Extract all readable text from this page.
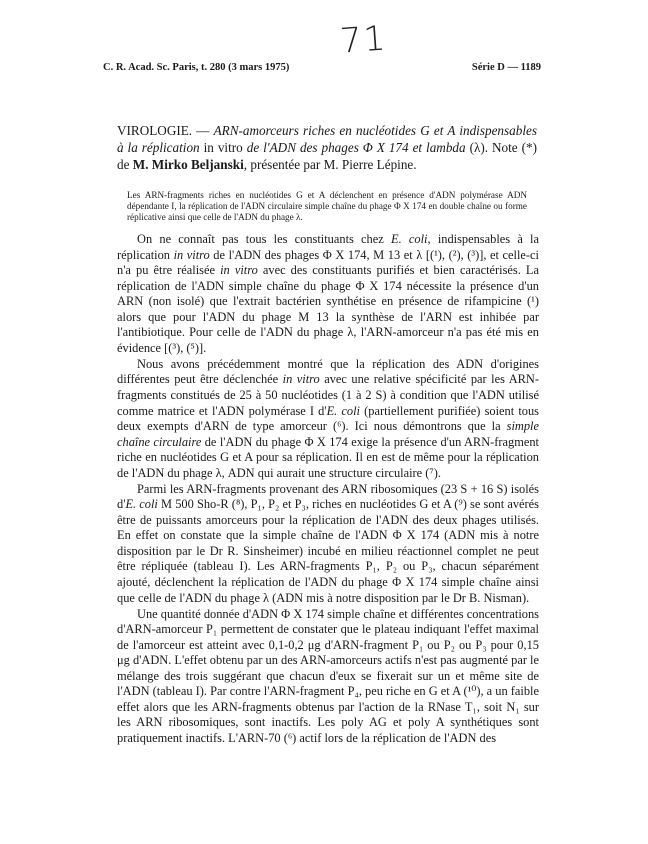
71
C. R. Acad. Sc. Paris, t. 280 (3 mars 1975)	Série D — 1189
VIROLOGIE. — ARN-amorceurs riches en nucléotides G et A indispensables à la réplication in vitro de l'ADN des phages Φ X 174 et lambda (λ). Note (*) de M. Mirko Beljanski, présentée par M. Pierre Lépine.
Les ARN-fragments riches en nucléotides G et A déclenchent en présence d'ADN polymérase ADN dépendante I, la réplication de l'ADN circulaire simple chaîne du phage Φ X 174 en double chaîne ou forme réplicative ainsi que celle de l'ADN du phage λ.

On ne connaît pas tous les constituants chez E. coli, indispensables à la réplication in vitro de l'ADN des phages Φ X 174, M 13 et λ [(¹), (²), (³)], et celle-ci n'a pu être réalisée in vitro avec des constituants purifiés et bien caractérisés. La réplication de l'ADN simple chaîne du phage Φ X 174 nécessite la présence d'un ARN (non isolé) que l'extrait bactérien synthétise en présence de rifampicine (¹) alors que pour l'ADN du phage M 13 la synthèse de l'ARN est inhibée par l'antibiotique. Pour celle de l'ADN du phage λ, l'ARN-amorceur n'a pas été mis en évidence [(³), (⁵)].

Nous avons précédemment montré que la réplication des ADN d'origines différentes peut être déclenchée in vitro avec une relative spécificité par les ARN-fragments constitués de 25 à 50 nucléotides (1 à 2 S) à condition que l'ADN utilisé comme matrice et l'ADN polymérase I d'E. coli (partiellement purifiée) soient tous deux exempts d'ARN de type amorceur (⁶). Ici nous démontrons que la simple chaîne circulaire de l'ADN du phage Φ X 174 exige la présence d'un ARN-fragment riche en nucléotides G et A pour sa réplication. Il en est de même pour la réplication de l'ADN du phage λ, ADN qui aurait une structure circulaire (⁷).

Parmi les ARN-fragments provenant des ARN ribosomiques (23 S + 16 S) isolés d'E. coli M 500 Sho-R (⁸), P₁, P₂ et P₃, riches en nucléotides G et A (⁹) se sont avérés être de puissants amorceurs pour la réplication de l'ADN des deux phages utilisés. En effet on constate que la simple chaîne de l'ADN Φ X 174 (ADN mis à notre disposition par le Dr R. Sinsheimer) incubé en milieu réactionnel complet ne peut être répliquée (tableau I). Les ARN-fragments P₁, P₂ ou P₃, chacun séparément ajouté, déclenchent la réplication de l'ADN du phage Φ X 174 simple chaîne ainsi que celle de l'ADN du phage λ (ADN mis à notre disposition par le Dr B. Nisman).

Une quantité donnée d'ADN Φ X 174 simple chaîne et différentes concentrations d'ARN-amorceur P₁ permettent de constater que le plateau indiquant l'effet maximal de l'amorceur est atteint avec 0,1-0,2 μg d'ARN-fragment P₁ ou P₂ ou P₃ pour 0,15 μg d'ADN. L'effet obtenu par un des ARN-amorceurs actifs n'est pas augmenté par le mélange des trois suggérant que chacun d'eux se fixerait sur un et même site de l'ADN (tableau I). Par contre l'ARN-fragment P₄, peu riche en G et A (¹⁰), a un faible effet alors que les ARN-fragments obtenus par l'action de la RNase T₁, soit N₁ sur les ARN ribosomiques, sont inactifs. Les poly AG et poly A synthétiques sont pratiquement inactifs. L'ARN-70 (⁶) actif lors de la réplication de l'ADN des
